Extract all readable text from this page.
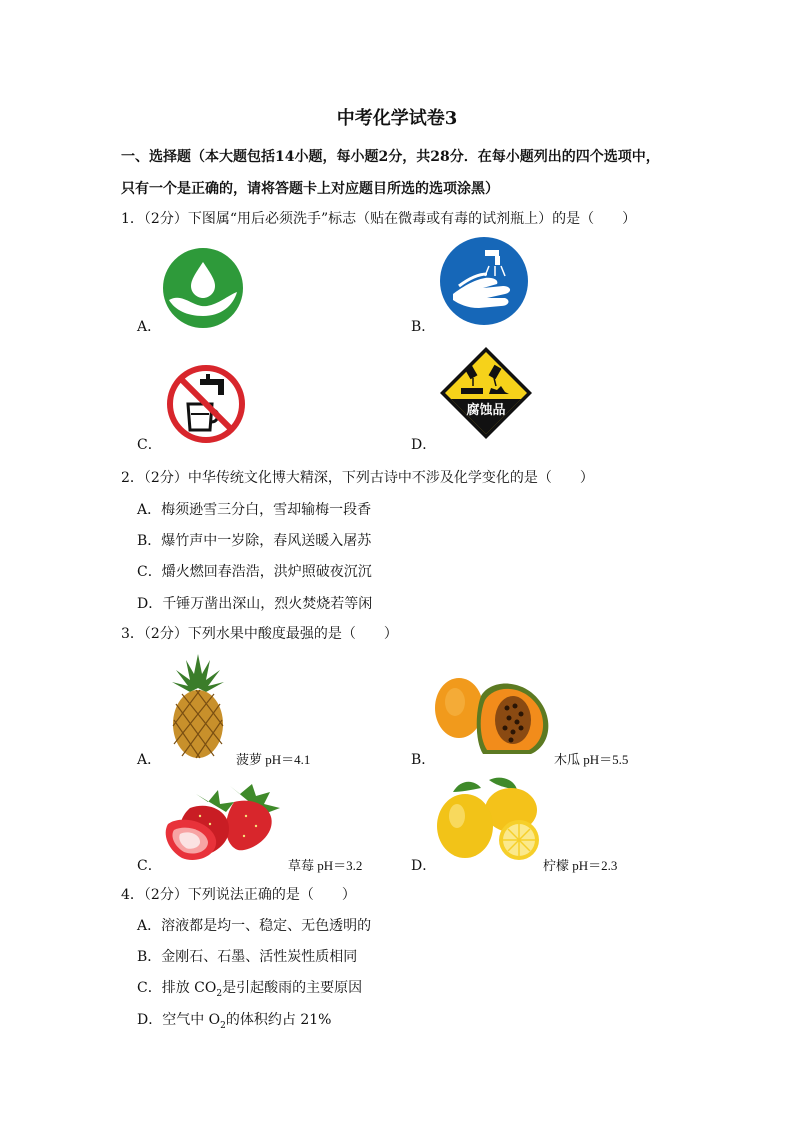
中考化学试卷3
一、选择题（本大题包括14小题，每小题2分，共28分．在每小题列出的四个选项中，
只有一个是正确的，请将答题卡上对应题目所选的选项涂黑）
1．（2分）下图属“用后必须洗手”标志（贴在微毒或有毒的试剂瓶上）的是（　　）
A．	B．
C．	D．
腐蚀品
2．（2分）中华传统文化博大精深，下列古诗中不涉及化学变化的是（　　）
A．梅须逊雪三分白，雪却输梅一段香
B．爆竹声中一岁除，春风送暖入屠苏
C．爝火燃回春浩浩，洪炉照破夜沉沉
D．千锤万凿出深山，烈火焚烧若等闲
3．（2分）下列水果中酸度最强的是（　　）
A．	菠萝 pH＝4.1	B．	木瓜 pH＝5.5
C．	草莓 pH＝3.2	D．	柠檬 pH＝2.3
4．（2分）下列说法正确的是（　　）
A．溶液都是均一、稳定、无色透明的
B．金刚石、石墨、活性炭性质相同
C．排放 $CO_2$是引起酸雨的主要原因
D．空气中 $O_2$的体积约占 21%
